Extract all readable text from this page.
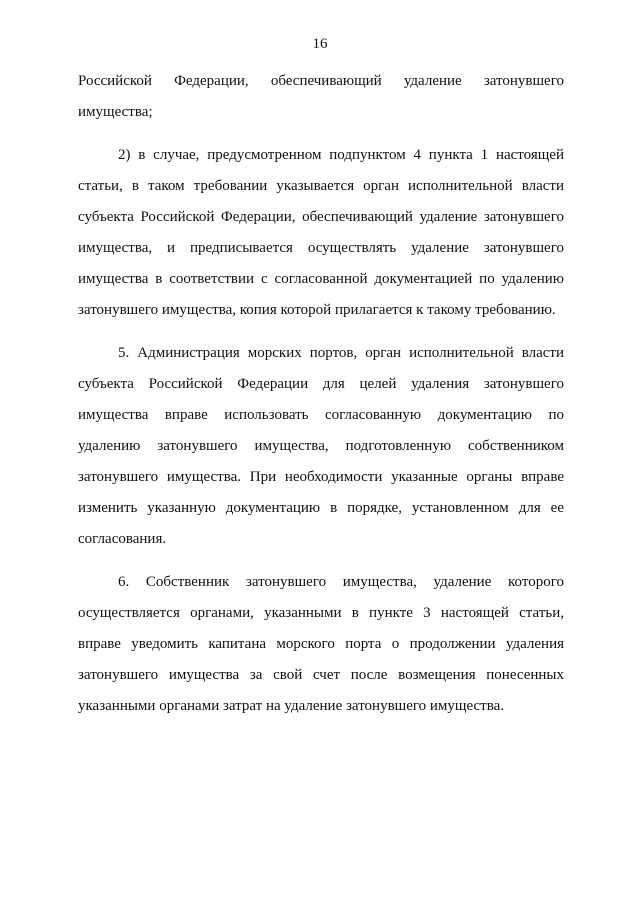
16

Российской Федерации, обеспечивающий удаление затонувшего имущества;

2) в случае, предусмотренном подпунктом 4 пункта 1 настоящей статьи, в таком требовании указывается орган исполнительной власти субъекта Российской Федерации, обеспечивающий удаление затонувшего имущества, и предписывается осуществлять удаление затонувшего имущества в соответствии с согласованной документацией по удалению затонувшего имущества, копия которой прилагается к такому требованию.

5. Администрация морских портов, орган исполнительной власти субъекта Российской Федерации для целей удаления затонувшего имущества вправе использовать согласованную документацию по удалению затонувшего имущества, подготовленную собственником затонувшего имущества. При необходимости указанные органы вправе изменить указанную документацию в порядке, установленном для ее согласования.

6. Собственник затонувшего имущества, удаление которого осуществляется органами, указанными в пункте 3 настоящей статьи, вправе уведомить капитана морского порта о продолжении удаления затонувшего имущества за свой счет после возмещения понесенных указанными органами затрат на удаление затонувшего имущества.
